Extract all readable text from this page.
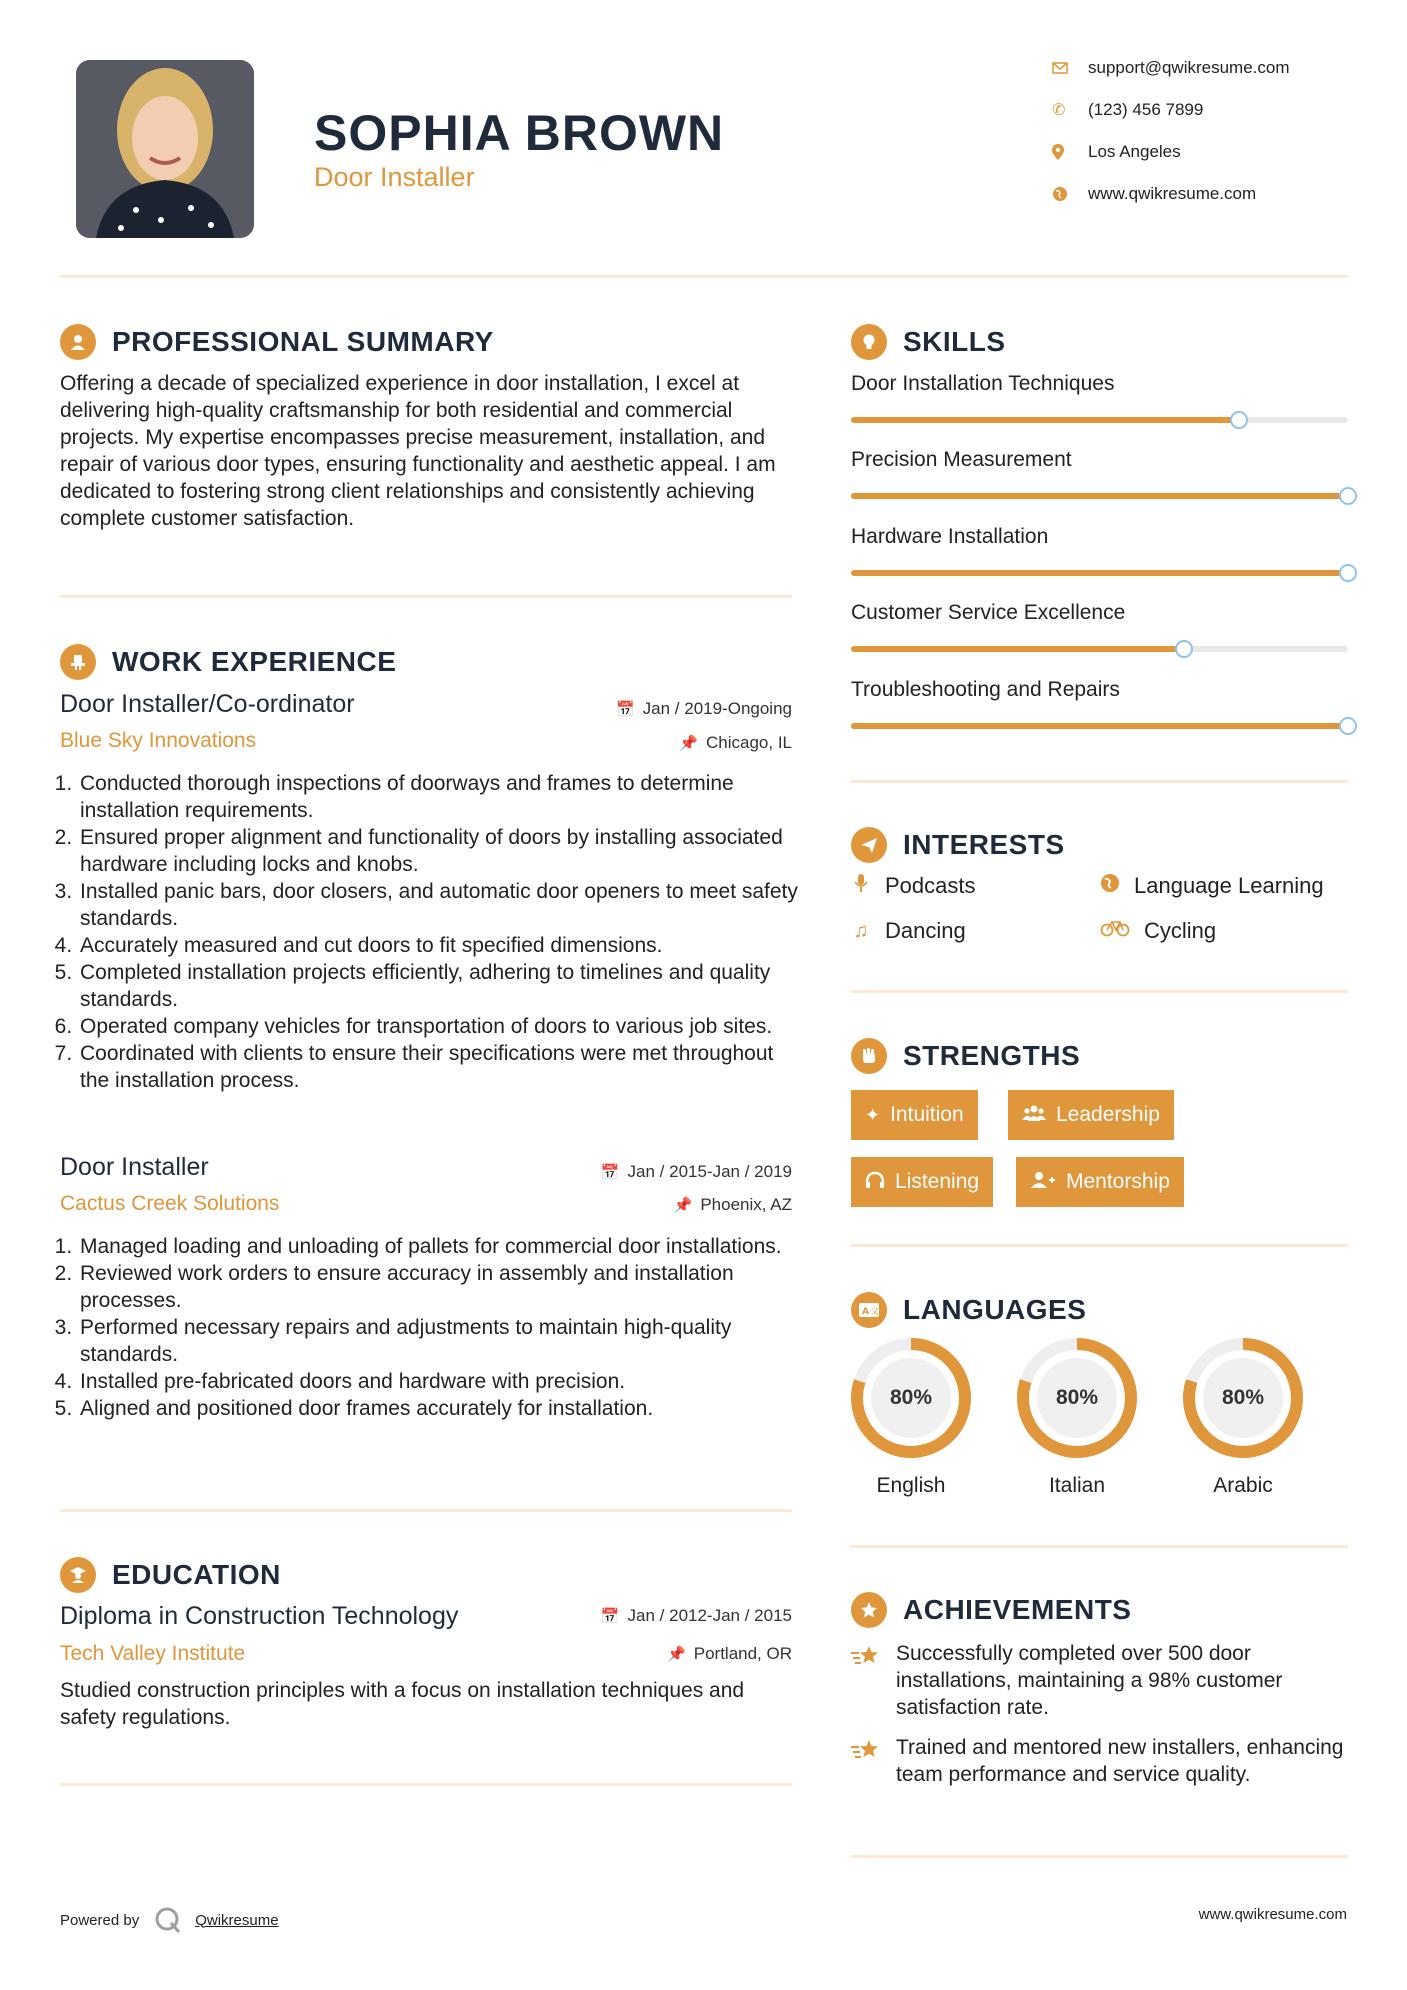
SOPHIA BROWN
Door Installer
support@qwikresume.com
✆	(123) 456 7899
Los Angeles
www.qwikresume.com
PROFESSIONAL SUMMARY
Offering a decade of specialized experience in door installation, I excel at delivering high-quality craftsmanship for both residential and commercial projects. My expertise encompasses precise measurement, installation, and repair of various door types, ensuring functionality and aesthetic appeal. I am dedicated to fostering strong client relationships and consistently achieving complete customer satisfaction.
WORK EXPERIENCE
Door Installer/Co-ordinator	📅 Jan / 2019-Ongoing
Blue Sky Innovations	📌 Chicago, IL
1. Conducted thorough inspections of doorways and frames to determine installation requirements.
2. Ensured proper alignment and functionality of doors by installing associated hardware including locks and knobs.
3. Installed panic bars, door closers, and automatic door openers to meet safety standards.
4. Accurately measured and cut doors to fit specified dimensions.
5. Completed installation projects efficiently, adhering to timelines and quality standards.
6. Operated company vehicles for transportation of doors to various job sites.
7. Coordinated with clients to ensure their specifications were met throughout the installation process.
Door Installer	📅 Jan / 2015-Jan / 2019
Cactus Creek Solutions	📌 Phoenix, AZ
1. Managed loading and unloading of pallets for commercial door installations.
2. Reviewed work orders to ensure accuracy in assembly and installation processes.
3. Performed necessary repairs and adjustments to maintain high-quality standards.
4. Installed pre-fabricated doors and hardware with precision.
5. Aligned and positioned door frames accurately for installation.
EDUCATION
Diploma in Construction Technology	📅 Jan / 2012-Jan / 2015
Tech Valley Institute	📌 Portland, OR
Studied construction principles with a focus on installation techniques and safety regulations.
SKILLS
Door Installation Techniques
Precision Measurement
Hardware Installation
Customer Service Excellence
Troubleshooting and Repairs
INTERESTS
Podcasts	Language Learning
♫ Dancing	Cycling
STRENGTHS
✦ Intuition	Leadership
Listening	Mentorship
A 文 LANGUAGES
80%
English
80%
Italian
80%
Arabic
ACHIEVEMENTS
Successfully completed over 500 door installations, maintaining a 98% customer satisfaction rate.
Trained and mentored new installers, enhancing team performance and service quality.
Powered by	Qwikresume	www.qwikresume.com
